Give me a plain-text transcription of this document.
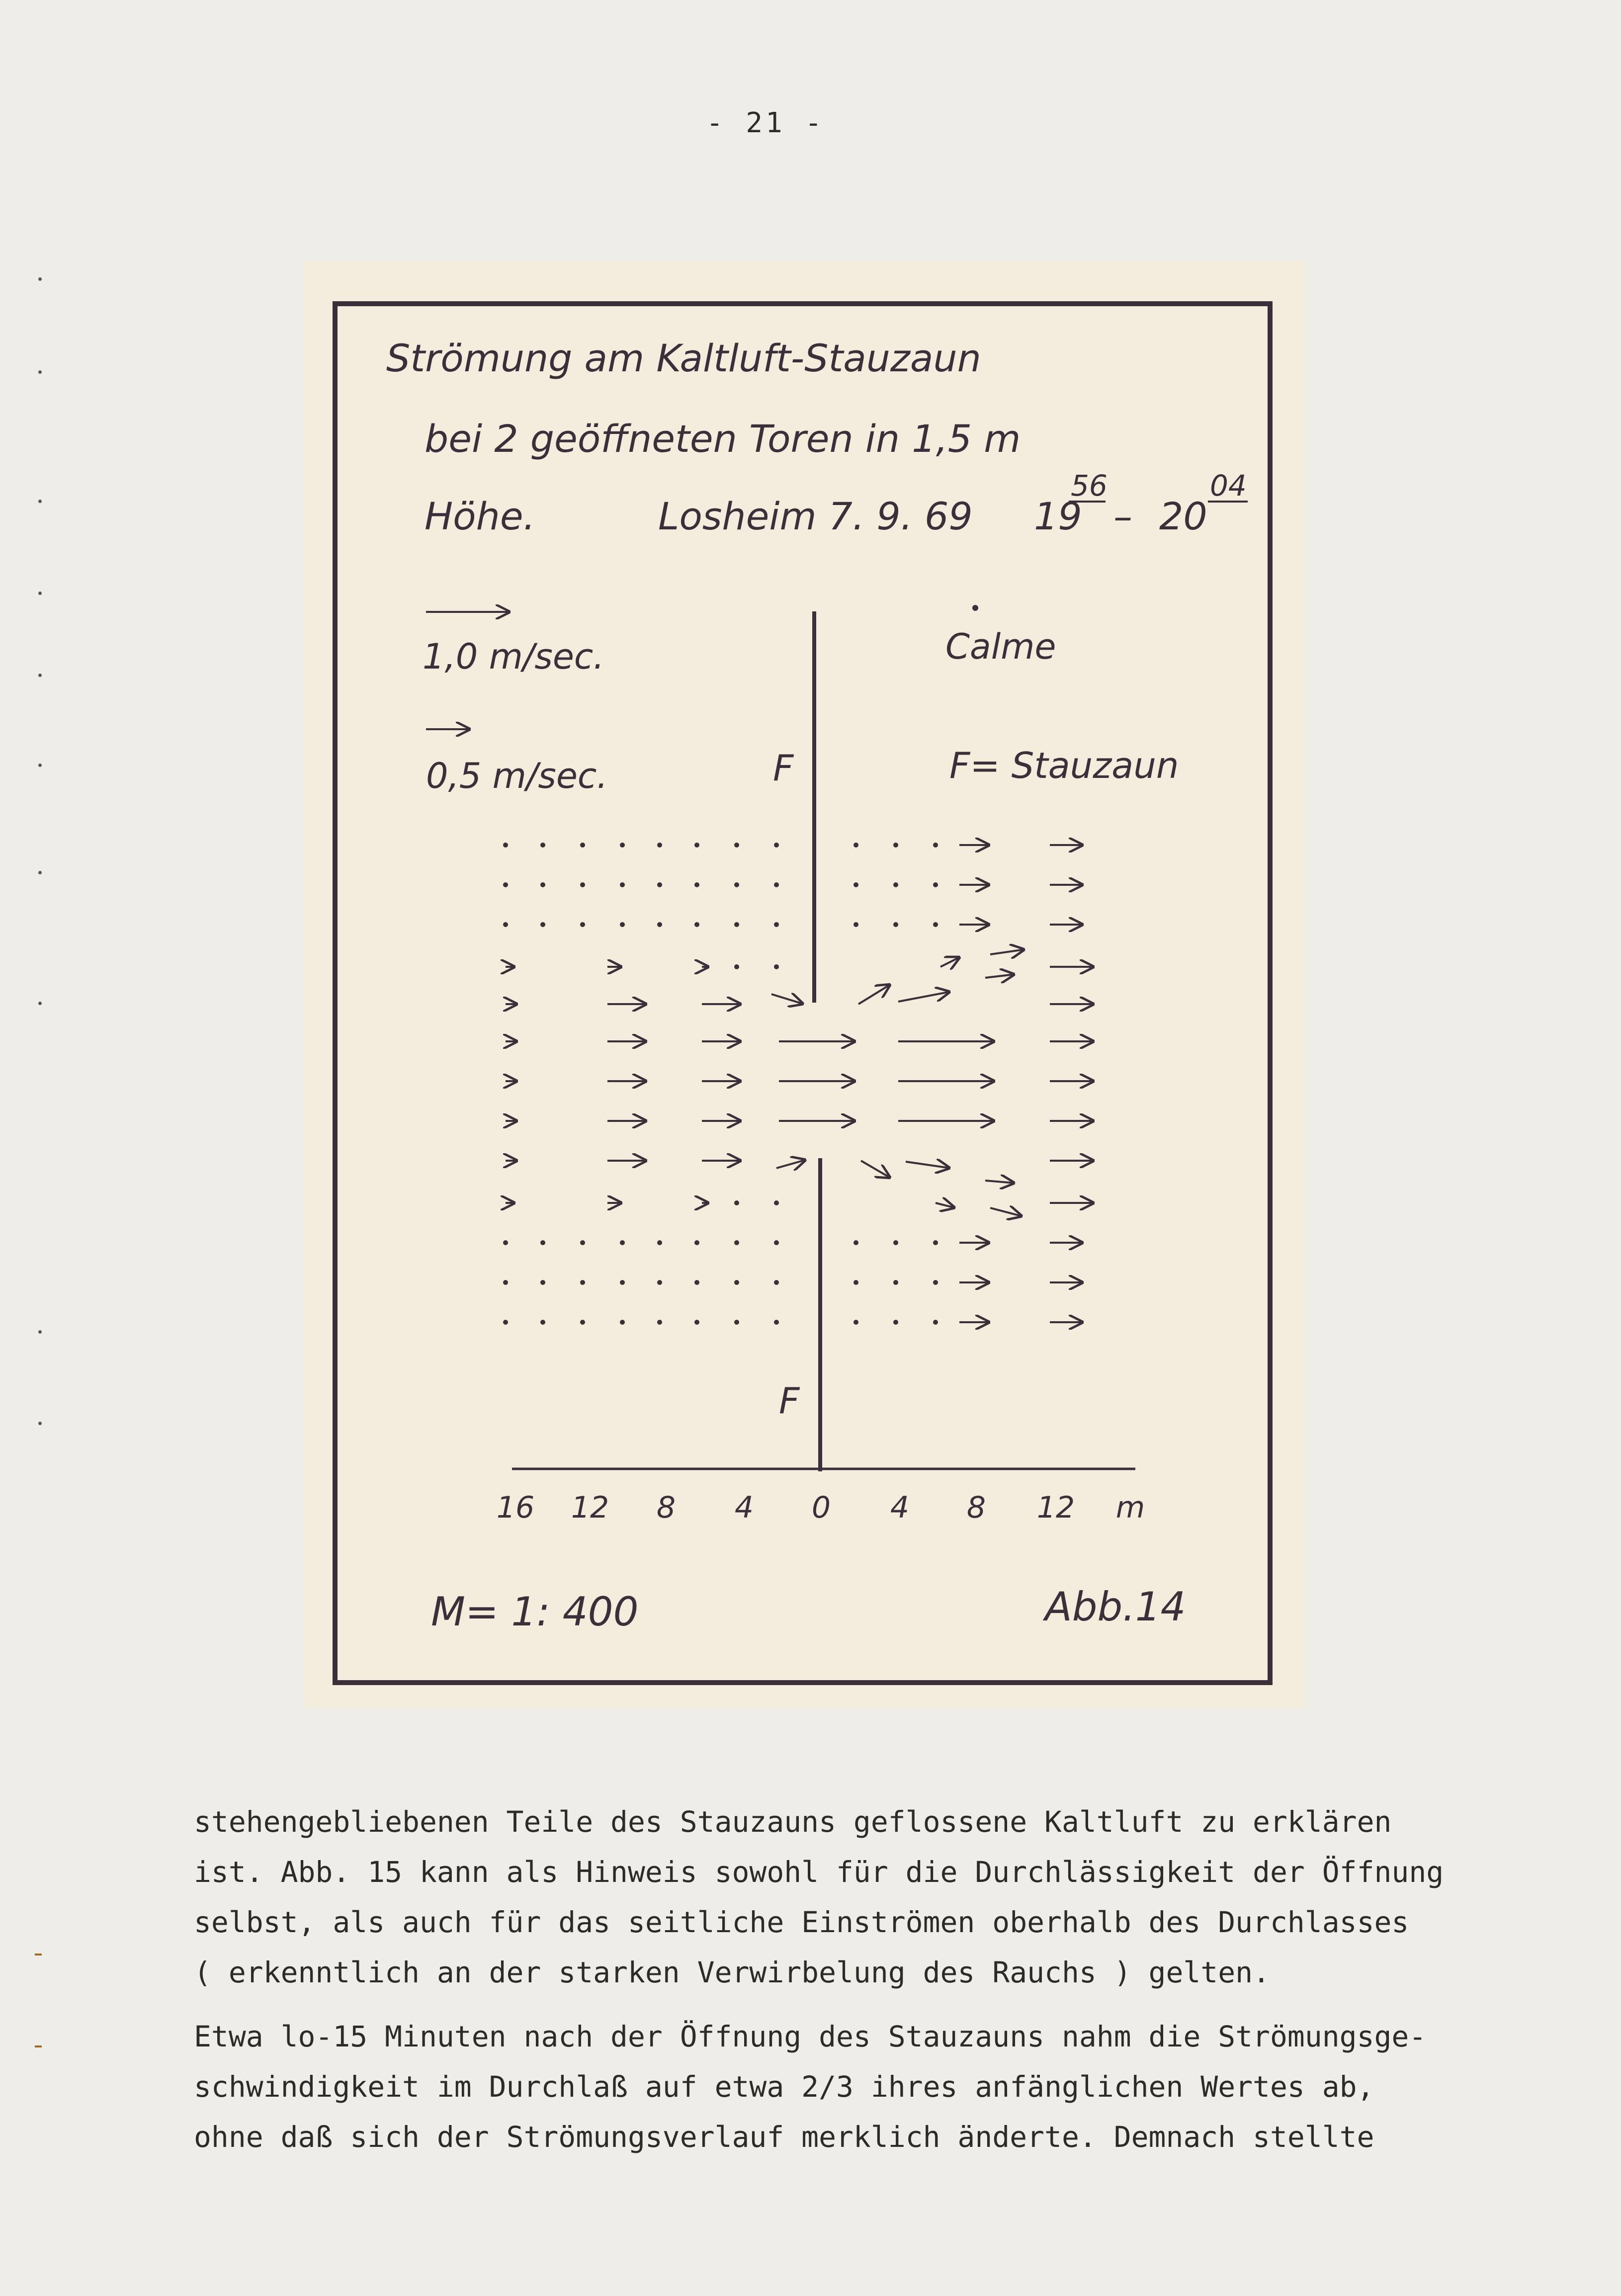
- 21 -
Strömung am Kaltluft-Stauzaun
bei 2 geöffneten Toren in 1,5 m
Höhe.	Losheim 7. 9. 69 19
56
– 20
04
1,0 m/sec.
0,5 m/sec.
Calme
F= Stauzaun
F
F
16 12 8 4 0 4 8 12 m
M= 1: 400	Abb.14
stehengebliebenen Teile des Stauzauns geflossene Kaltluft zu erklären
ist. Abb. 15 kann als Hinweis sowohl für die Durchlässigkeit der Öffnung
selbst, als auch für das seitliche Einströmen oberhalb des Durchlasses
( erkenntlich an der starken Verwirbelung des Rauchs ) gelten.
Etwa lo-15 Minuten nach der Öffnung des Stauzauns nahm die Strömungsge-
schwindigkeit im Durchlaß auf etwa 2/3 ihres anfänglichen Wertes ab,
ohne daß sich der Strömungsverlauf merklich änderte. Demnach stellte
